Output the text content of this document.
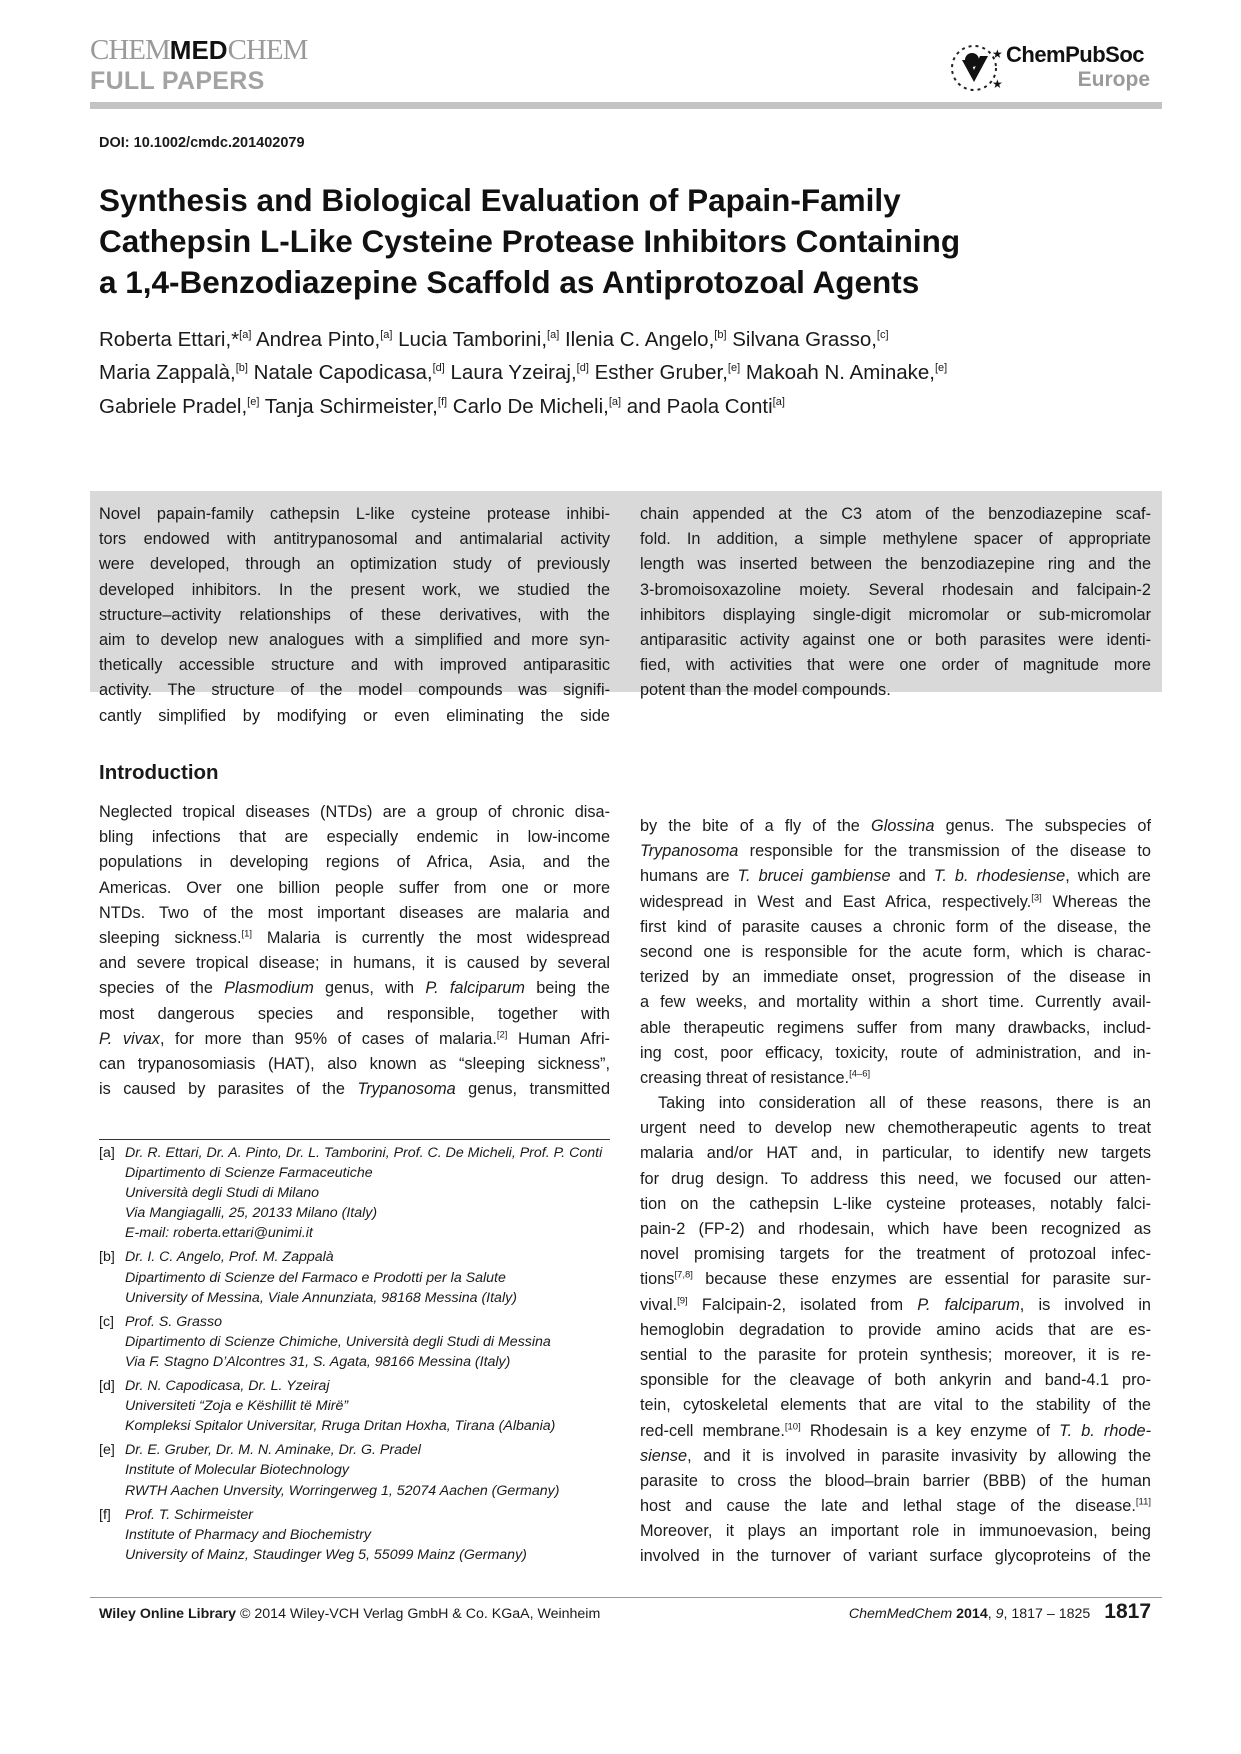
CHEMMEDCHEM
FULL PAPERS
★
★
ChemPubSoc
Europe
DOI: 10.1002/cmdc.201402079
Synthesis and Biological Evaluation of Papain-Family
Cathepsin L-Like Cysteine Protease Inhibitors Containing
a 1,4-Benzodiazepine Scaffold as Antiprotozoal Agents
Roberta Ettari,*[a] Andrea Pinto,[a] Lucia Tamborini,[a] Ilenia C. Angelo,[b] Silvana Grasso,[c]
Maria Zappalà,[b] Natale Capodicasa,[d] Laura Yzeiraj,[d] Esther Gruber,[e] Makoah N. Aminake,[e]
Gabriele Pradel,[e] Tanja Schirmeister,[f] Carlo De Micheli,[a] and Paola Conti[a]
Novel papain-family cathepsin L-like cysteine protease inhibi-
tors endowed with antitrypanosomal and antimalarial activity
were developed, through an optimization study of previously
developed inhibitors. In the present work, we studied the
structure–activity relationships of these derivatives, with the
aim to develop new analogues with a simplified and more syn-
thetically accessible structure and with improved antiparasitic
activity. The structure of the model compounds was signifi-
cantly simplified by modifying or even eliminating the side
chain appended at the C3 atom of the benzodiazepine scaf-
fold. In addition, a simple methylene spacer of appropriate
length was inserted between the benzodiazepine ring and the
3-bromoisoxazoline moiety. Several rhodesain and falcipain-2
inhibitors displaying single-digit micromolar or sub-micromolar
antiparasitic activity against one or both parasites were identi-
fied, with activities that were one order of magnitude more
potent than the model compounds.
Introduction
Neglected tropical diseases (NTDs) are a group of chronic disa-
bling infections that are especially endemic in low-income
populations in developing regions of Africa, Asia, and the
Americas. Over one billion people suffer from one or more
NTDs. Two of the most important diseases are malaria and
sleeping sickness.[1] Malaria is currently the most widespread
and severe tropical disease; in humans, it is caused by several
species of the Plasmodium genus, with P. falciparum being the
most dangerous species and responsible, together with
P. vivax, for more than 95% of cases of malaria.[2] Human Afri-
can trypanosomiasis (HAT), also known as “sleeping sickness”,
is caused by parasites of the Trypanosoma genus, transmitted
by the bite of a fly of the Glossina genus. The subspecies of
Trypanosoma responsible for the transmission of the disease to
humans are T. brucei gambiense and T. b. rhodesiense, which are
widespread in West and East Africa, respectively.[3] Whereas the
first kind of parasite causes a chronic form of the disease, the
second one is responsible for the acute form, which is charac-
terized by an immediate onset, progression of the disease in
a few weeks, and mortality within a short time. Currently avail-
able therapeutic regimens suffer from many drawbacks, includ-
ing cost, poor efficacy, toxicity, route of administration, and in-
creasing threat of resistance.[4–6]
Taking into consideration all of these reasons, there is an
urgent need to develop new chemotherapeutic agents to treat
malaria and/or HAT and, in particular, to identify new targets
for drug design. To address this need, we focused our atten-
tion on the cathepsin L-like cysteine proteases, notably falci-
pain-2 (FP-2) and rhodesain, which have been recognized as
novel promising targets for the treatment of protozoal infec-
tions[7,8] because these enzymes are essential for parasite sur-
vival.[9] Falcipain-2, isolated from P. falciparum, is involved in
hemoglobin degradation to provide amino acids that are es-
sential to the parasite for protein synthesis; moreover, it is re-
sponsible for the cleavage of both ankyrin and band-4.1 pro-
tein, cytoskeletal elements that are vital to the stability of the
red-cell membrane.[10] Rhodesain is a key enzyme of T. b. rhode-
siense, and it is involved in parasite invasivity by allowing the
parasite to cross the blood–brain barrier (BBB) of the human
host and cause the late and lethal stage of the disease.[11]
Moreover, it plays an important role in immunoevasion, being
involved in the turnover of variant surface glycoproteins of the
[a] Dr. R. Ettari, Dr. A. Pinto, Dr. L. Tamborini, Prof. C. De Micheli, Prof. P. Conti
Dipartimento di Scienze Farmaceutiche
Università degli Studi di Milano
Via Mangiagalli, 25, 20133 Milano (Italy)
E-mail: roberta.ettari@unimi.it
[b] Dr. I. C. Angelo, Prof. M. Zappalà
Dipartimento di Scienze del Farmaco e Prodotti per la Salute
University of Messina, Viale Annunziata, 98168 Messina (Italy)
[c] Prof. S. Grasso
Dipartimento di Scienze Chimiche, Università degli Studi di Messina
Via F. Stagno D’Alcontres 31, S. Agata, 98166 Messina (Italy)
[d] Dr. N. Capodicasa, Dr. L. Yzeiraj
Universiteti “Zoja e Këshillit të Mirë”
Kompleksi Spitalor Universitar, Rruga Dritan Hoxha, Tirana (Albania)
[e] Dr. E. Gruber, Dr. M. N. Aminake, Dr. G. Pradel
Institute of Molecular Biotechnology
RWTH Aachen Unversity, Worringerweg 1, 52074 Aachen (Germany)
[f] Prof. T. Schirmeister
Institute of Pharmacy and Biochemistry
University of Mainz, Staudinger Weg 5, 55099 Mainz (Germany)
Wiley Online Library © 2014 Wiley-VCH Verlag GmbH & Co. KGaA, Weinheim	ChemMedChem 2014, 9, 1817 – 1825 1817
